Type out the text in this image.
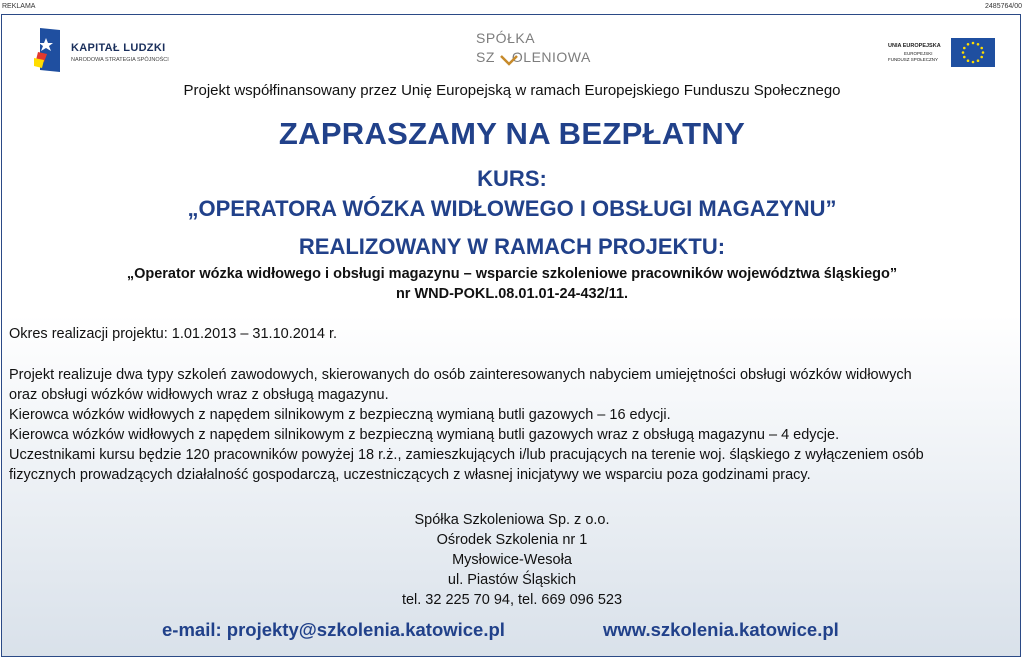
REKLAMA	2485764/00
KAPITAŁ LUDZKI
NARODOWA STRATEGIA SPÓJNOŚCI
SPÓŁKA
SZ OLENIOWA
UNIA EUROPEJSKA
EUROPEJSKI
FUNDUSZ SPOŁECZNY
Projekt współfinansowany przez Unię Europejską w ramach Europejskiego Funduszu Społecznego
ZAPRASZAMY NA BEZPŁATNY
KURS:
„OPERATORA WÓZKA WIDŁOWEGO I OBSŁUGI MAGAZYNU”
REALIZOWANY W RAMACH PROJEKTU:
„Operator wózka widłowego i obsługi magazynu – wsparcie szkoleniowe pracowników województwa śląskiego”
nr WND-POKL.08.01.01-24-432/11.
Okres realizacji projektu: 1.01.2013 – 31.10.2014 r.
Projekt realizuje dwa typy szkoleń zawodowych, skierowanych do osób zainteresowanych nabyciem umiejętności obsługi wózków widłowych
oraz obsługi wózków widłowych wraz z obsługą magazynu.
Kierowca wózków widłowych z napędem silnikowym z bezpieczną wymianą butli gazowych – 16 edycji.
Kierowca wózków widłowych z napędem silnikowym z bezpieczną wymianą butli gazowych wraz z obsługą magazynu – 4 edycje.
Uczestnikami kursu będzie 120 pracowników powyżej 18 r.ż., zamieszkujących i/lub pracujących na terenie woj. śląskiego z wyłączeniem osób
fizycznych prowadzących działalność gospodarczą, uczestniczących z własnej inicjatywy we wsparciu poza godzinami pracy.
Spółka Szkoleniowa Sp. z o.o.
Ośrodek Szkolenia nr 1
Mysłowice-Wesoła
ul. Piastów Śląskich
tel. 32 225 70 94, tel. 669 096 523
e-mail: projekty@szkolenia.katowice.pl	www.szkolenia.katowice.pl
